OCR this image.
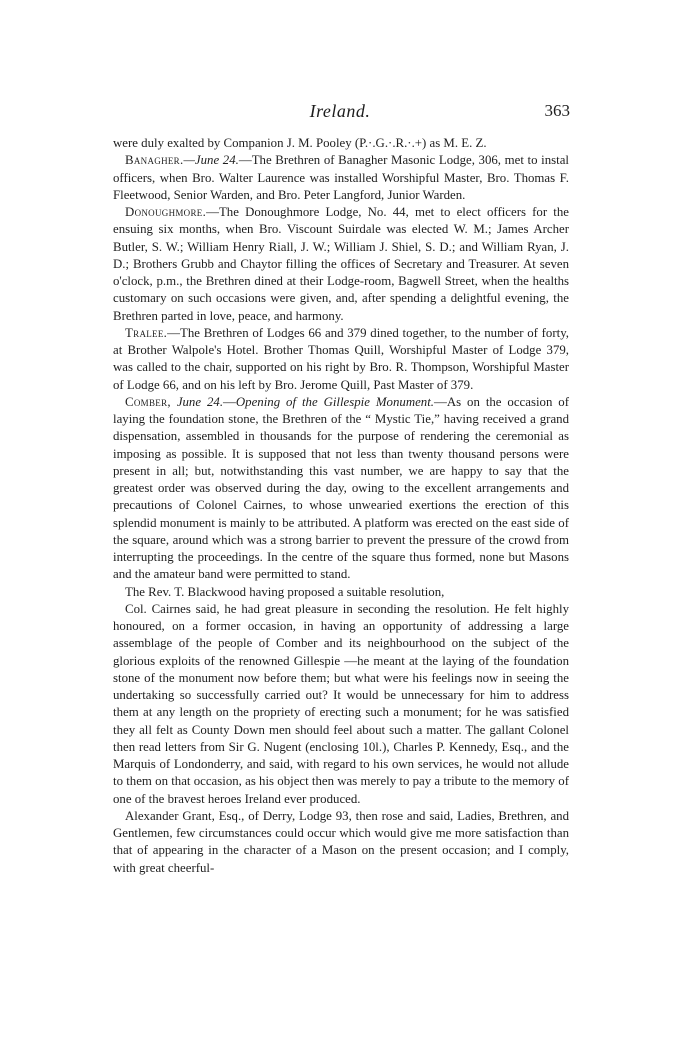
Ireland.	363

were duly exalted by Companion J. M. Pooley (P.·.G.·.R.·.+) as M. E. Z.

Banagher.—June 24.—The Brethren of Banagher Masonic Lodge, 306, met to instal officers, when Bro. Walter Laurence was installed Worshipful Master, Bro. Thomas F. Fleetwood, Senior Warden, and Bro. Peter Langford, Junior Warden.

Donoughmore.—The Donoughmore Lodge, No. 44, met to elect officers for the ensuing six months, when Bro. Viscount Suirdale was elected W. M.; James Archer Butler, S. W.; William Henry Riall, J. W.; William J. Shiel, S. D.; and William Ryan, J. D.; Brothers Grubb and Chaytor filling the offices of Secretary and Treasurer. At seven o'clock, p.m., the Brethren dined at their Lodge-room, Bagwell Street, when the healths customary on such occasions were given, and, after spending a delightful evening, the Brethren parted in love, peace, and harmony.

Tralee.—The Brethren of Lodges 66 and 379 dined together, to the number of forty, at Brother Walpole's Hotel. Brother Thomas Quill, Worshipful Master of Lodge 379, was called to the chair, supported on his right by Bro. R. Thompson, Worshipful Master of Lodge 66, and on his left by Bro. Jerome Quill, Past Master of 379.

Comber, June 24.—Opening of the Gillespie Monument.—As on the occasion of laying the foundation stone, the Brethren of the “ Mystic Tie,” having received a grand dispensation, assembled in thousands for the purpose of rendering the ceremonial as imposing as possible. It is supposed that not less than twenty thousand persons were present in all; but, notwithstanding this vast number, we are happy to say that the greatest order was observed during the day, owing to the excellent arrangements and precautions of Colonel Cairnes, to whose unwearied exertions the erection of this splendid monument is mainly to be attributed. A platform was erected on the east side of the square, around which was a strong barrier to prevent the pressure of the crowd from interrupting the proceedings. In the centre of the square thus formed, none but Masons and the amateur band were permitted to stand.

The Rev. T. Blackwood having proposed a suitable resolution,

Col. Cairnes said, he had great pleasure in seconding the resolution. He felt highly honoured, on a former occasion, in having an opportunity of addressing a large assemblage of the people of Comber and its neighbourhood on the subject of the glorious exploits of the renowned Gillespie —he meant at the laying of the foundation stone of the monument now before them; but what were his feelings now in seeing the undertaking so successfully carried out? It would be unnecessary for him to address them at any length on the propriety of erecting such a monument; for he was satisfied they all felt as County Down men should feel about such a matter. The gallant Colonel then read letters from Sir G. Nugent (enclosing 10l.), Charles P. Kennedy, Esq., and the Marquis of Londonderry, and said, with regard to his own services, he would not allude to them on that occasion, as his object then was merely to pay a tribute to the memory of one of the bravest heroes Ireland ever produced.

Alexander Grant, Esq., of Derry, Lodge 93, then rose and said, Ladies, Brethren, and Gentlemen, few circumstances could occur which would give me more satisfaction than that of appearing in the character of a Mason on the present occasion; and I comply, with great cheerful-
